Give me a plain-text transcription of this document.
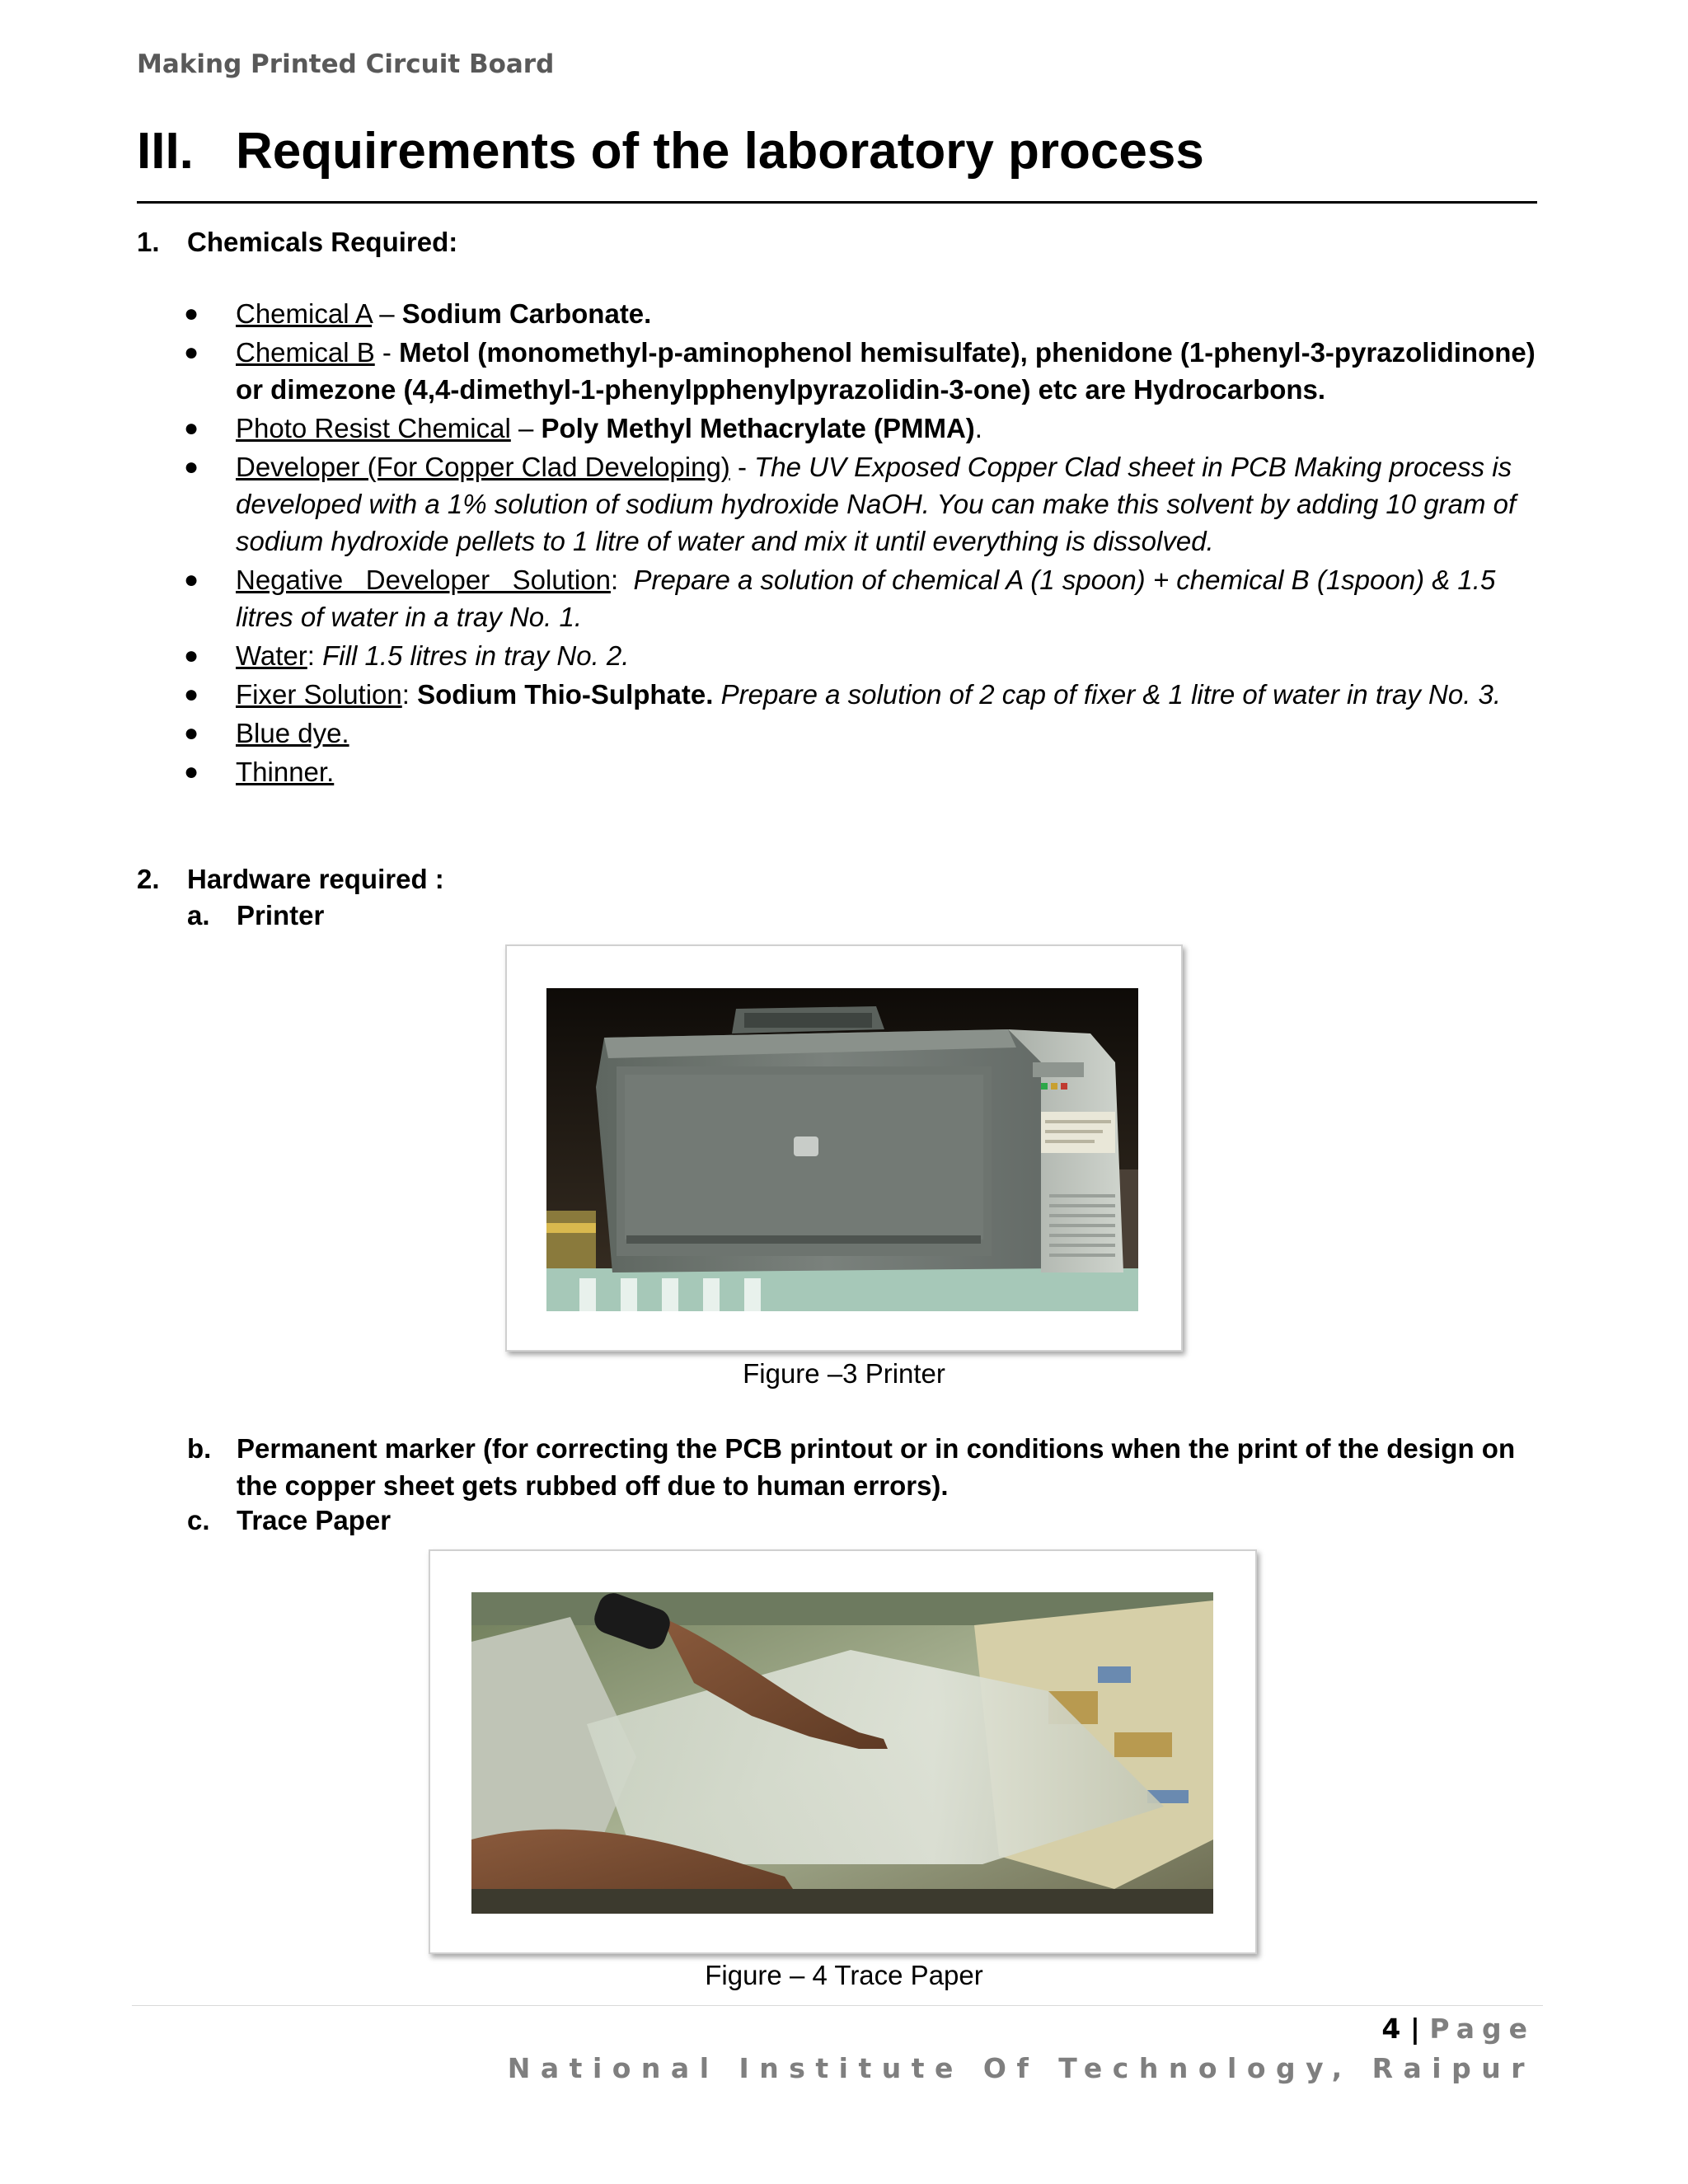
Making Printed Circuit Board
III. Requirements of the laboratory process
1. Chemicals Required:
● Chemical A – Sodium Carbonate.
● Chemical B - Metol (monomethyl-p-aminophenol hemisulfate), phenidone (1-phenyl-3-pyrazolidinone) or dimezone (4,4-dimethyl-1-phenylpphenylpyrazolidin-3-one) etc are Hydrocarbons.
● Photo Resist Chemical – Poly Methyl Methacrylate (PMMA).
● Developer (For Copper Clad Developing) - The UV Exposed Copper Clad sheet in PCB Making process is developed with a 1% solution of sodium hydroxide NaOH. You can make this solvent by adding 10 gram of sodium hydroxide pellets to 1 litre of water and mix it until everything is dissolved.
● Negative   Developer   Solution:  Prepare a solution of chemical A (1 spoon) + chemical B (1spoon) & 1.5 litres of water in a tray No. 1.
● Water: Fill 1.5 litres in tray No. 2.
● Fixer Solution: Sodium Thio-Sulphate. Prepare a solution of 2 cap of fixer & 1 litre of water in tray No. 3.
● Blue dye.
● Thinner.
2. Hardware required :
a. Printer
Figure –3 Printer
b. Permanent marker (for correcting the PCB printout or in conditions when the print of the design on the copper sheet gets rubbed off due to human errors).
c. Trace Paper
Figure – 4 Trace Paper
4 | Page
National Institute Of Technology, Raipur
